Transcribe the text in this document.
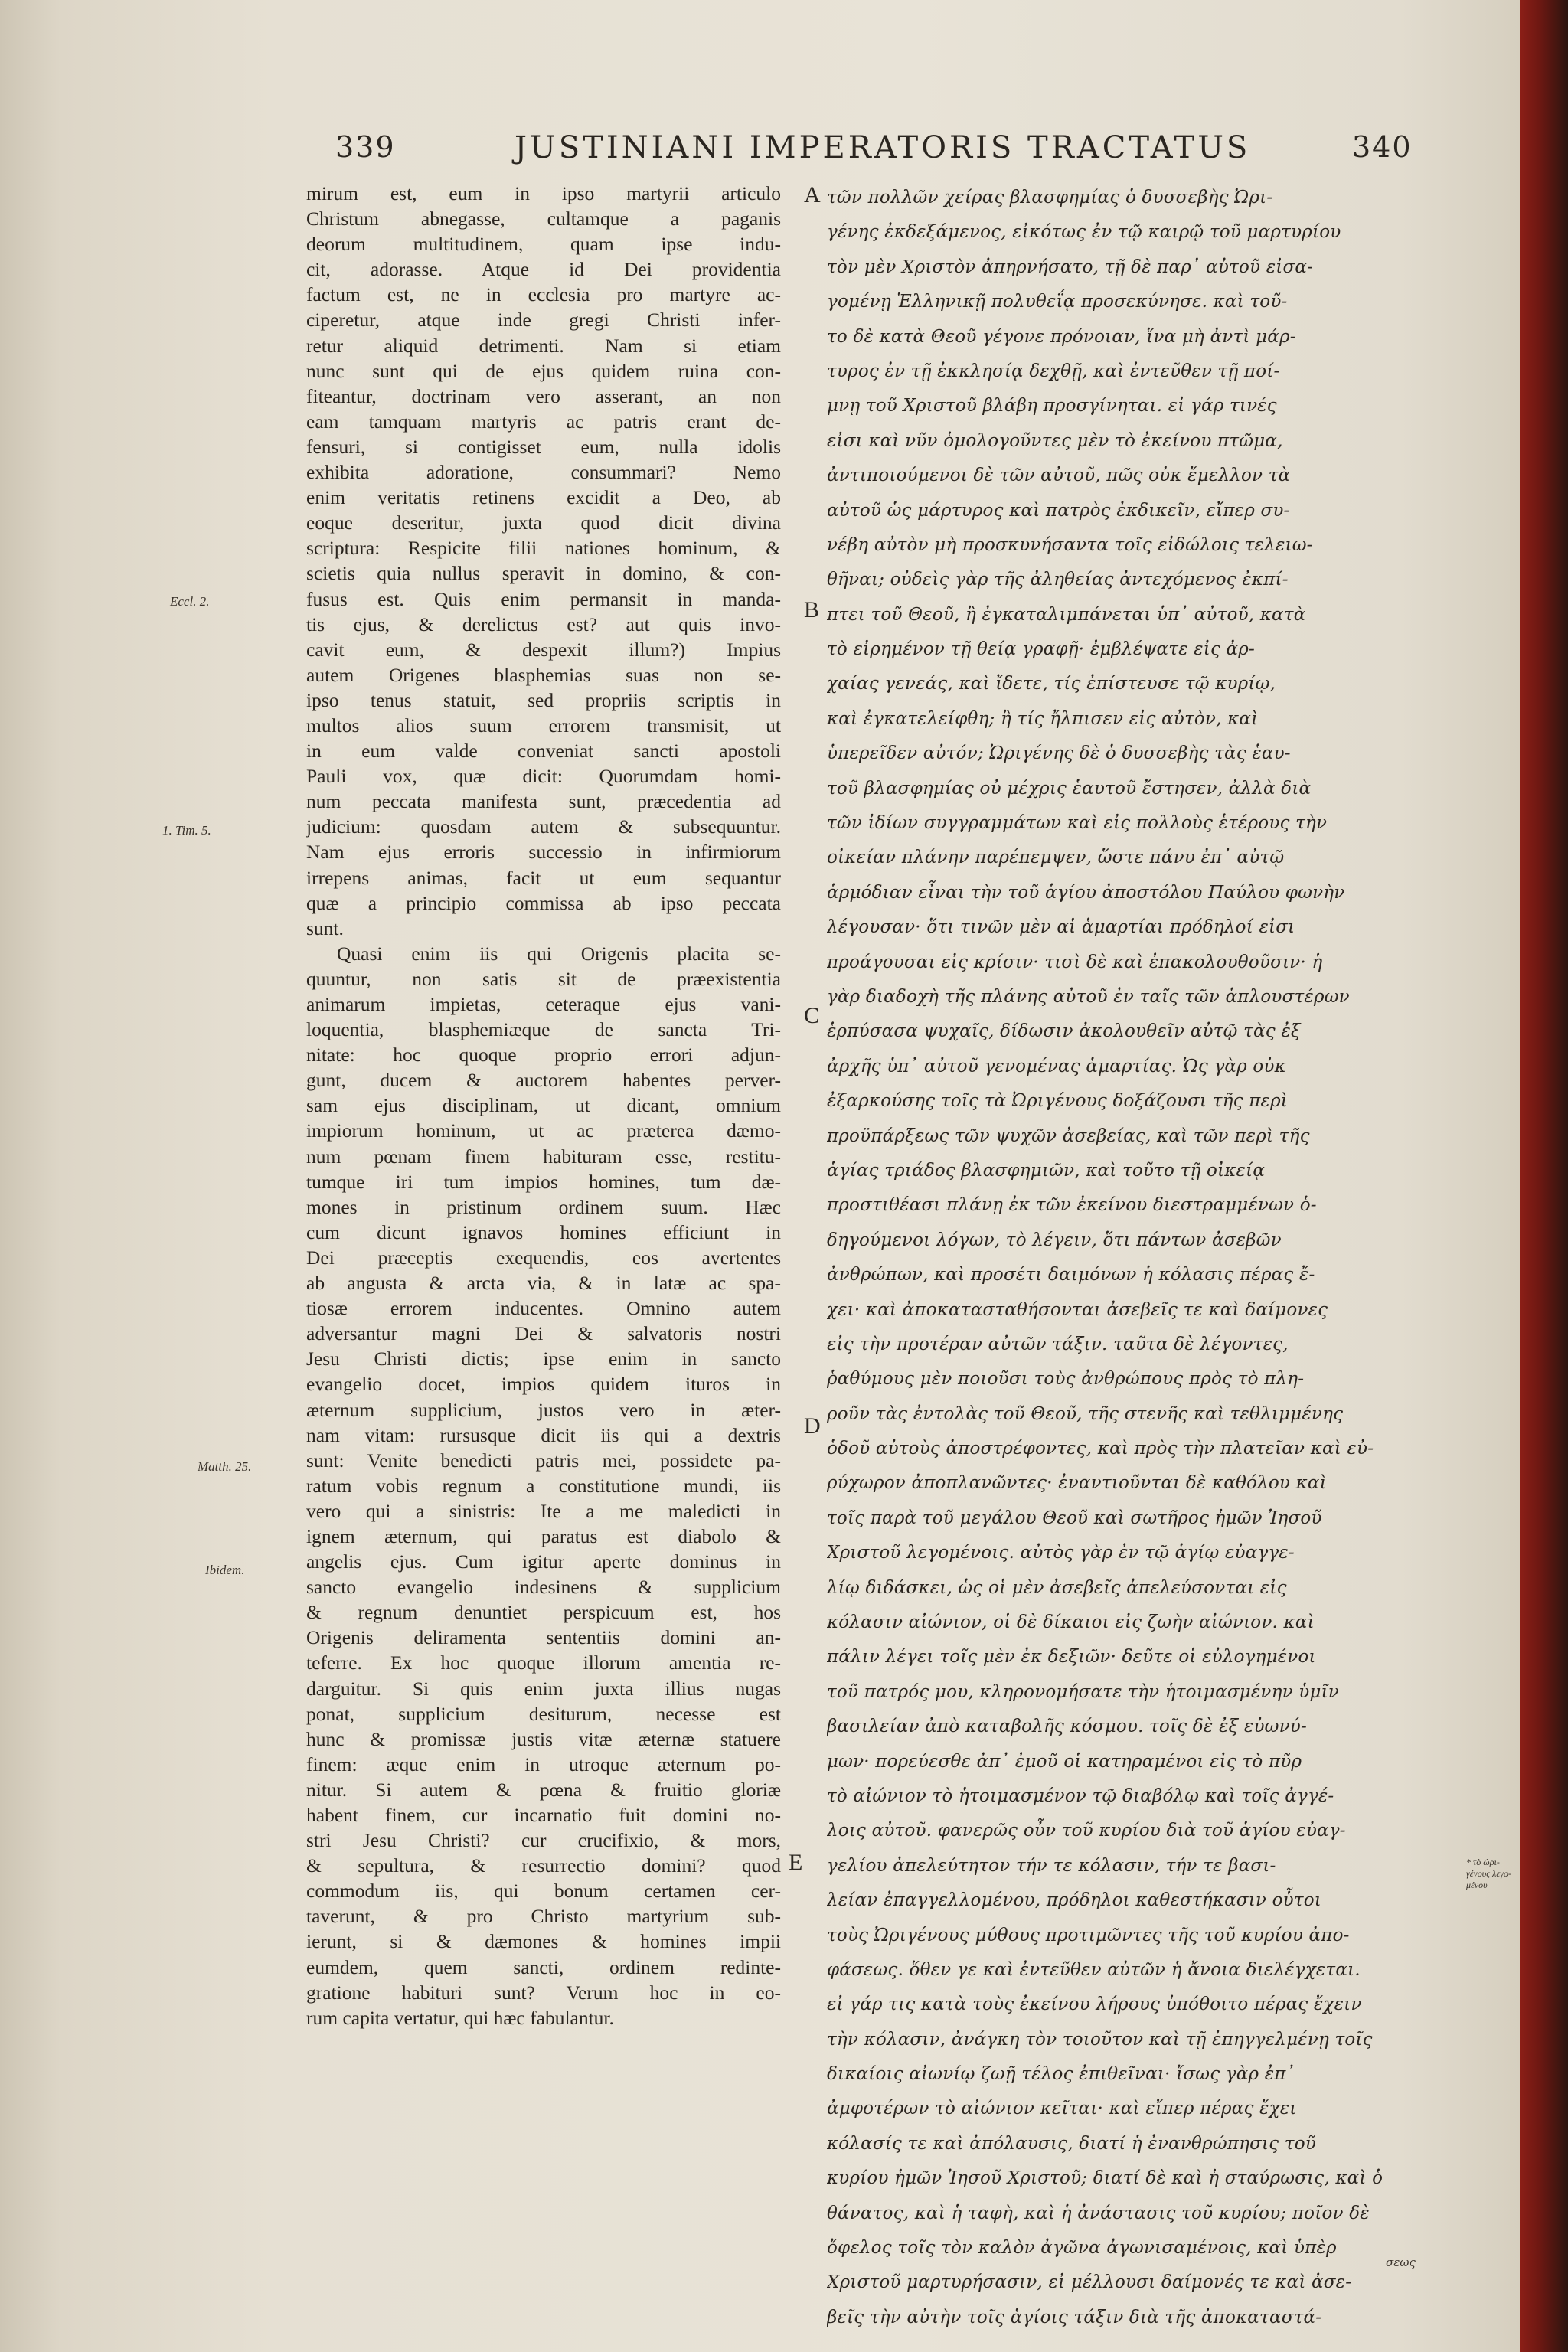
339	JUSTINIANI IMPERATORIS TRACTATUS	340
mirum est, eum in ipso martyrii articulo
Christum abnegasse, cultamque a paganis
deorum multitudinem, quam ipse indu-
cit, adorasse. Atque id Dei providentia
factum est, ne in ecclesia pro martyre ac-
ciperetur, atque inde gregi Christi infer-
retur aliquid detrimenti. Nam si etiam
nunc sunt qui de ejus quidem ruina con-
fiteantur, doctrinam vero asserant, an non
eam tamquam martyris ac patris erant de-
fensuri, si contigisset eum, nulla idolis
exhibita adoratione, consummari? Nemo
enim veritatis retinens excidit a Deo, ab
eoque deseritur, juxta quod dicit divina
scriptura: Respicite filii nationes hominum, &
scietis quia nullus speravit in domino, & con-
fusus est. Quis enim permansit in manda-
tis ejus, & derelictus est? aut quis invo-
cavit eum, & despexit illum?) Impius
autem Origenes blasphemias suas non se-
ipso tenus statuit, sed propriis scriptis in
multos alios suum errorem transmisit, ut
in eum valde conveniat sancti apostoli
Pauli vox, quæ dicit: Quorumdam homi-
num peccata manifesta sunt, præcedentia ad
judicium: quosdam autem & subsequuntur.
Nam ejus erroris successio in infirmiorum
irrepens animas, facit ut eum sequantur
quæ a principio commissa ab ipso peccata
sunt.
Quasi enim iis qui Origenis placita se-
quuntur, non satis sit de præexistentia
animarum impietas, ceteraque ejus vani-
loquentia, blasphemiæque de sancta Tri-
nitate: hoc quoque proprio errori adjun-
gunt, ducem & auctorem habentes perver-
sam ejus disciplinam, ut dicant, omnium
impiorum hominum, ut ac præterea dæmo-
num pœnam finem habituram esse, restitu-
tumque iri tum impios homines, tum dæ-
mones in pristinum ordinem suum. Hæc
cum dicunt ignavos homines efficiunt in
Dei præceptis exequendis, eos avertentes
ab angusta & arcta via, & in latæ ac spa-
tiosæ errorem inducentes. Omnino autem
adversantur magni Dei & salvatoris nostri
Jesu Christi dictis; ipse enim in sancto
evangelio docet, impios quidem ituros in
æternum supplicium, justos vero in æter-
nam vitam: rursusque dicit iis qui a dextris
sunt: Venite benedicti patris mei, possidete pa-
ratum vobis regnum a constitutione mundi, iis
vero qui a sinistris: Ite a me maledicti in
ignem æternum, qui paratus est diabolo &
angelis ejus. Cum igitur aperte dominus in
sancto evangelio indesinens & supplicium
& regnum denuntiet perspicuum est, hos
Origenis deliramenta sententiis domini an-
teferre. Ex hoc quoque illorum amentia re-
darguitur. Si quis enim juxta illius nugas
ponat, supplicium desiturum, necesse est
hunc & promissæ justis vitæ æternæ statuere
finem: æque enim in utroque æternum po-
nitur. Si autem & pœna & fruitio gloriæ
habent finem, cur incarnatio fuit domini no-
stri Jesu Christi? cur crucifixio, & mors,
& sepultura, & resurrectio domini? quod
commodum iis, qui bonum certamen cer-
taverunt, & pro Christo martyrium sub-
ierunt, si & dæmones & homines impii
eumdem, quem sancti, ordinem redinte-
gratione habituri sunt? Verum hoc in eo-
rum capita vertatur, qui hæc fabulantur.
τῶν πολλῶν χείρας βλασφημίας ὁ δυσσεβὴς Ὠρι-
γένης ἐκδεξάμενος, εἰκότως ἐν τῷ καιρῷ τοῦ μαρτυρίου
τὸν μὲν Χριστὸν ἀπηρνήσατο, τῇ δὲ παρ᾽ αὐτοῦ εἰσα-
γομένῃ Ἑλληνικῇ πολυθεΐᾳ προσεκύνησε. καὶ τοῦ-
το δὲ κατὰ Θεοῦ γέγονε πρόνοιαν, ἵνα μὴ ἀντὶ μάρ-
τυρος ἐν τῇ ἐκκλησίᾳ δεχθῇ, καὶ ἐντεῦθεν τῇ ποί-
μνῃ τοῦ Χριστοῦ βλάβη προσγίνηται. εἰ γάρ τινές
εἰσι καὶ νῦν ὁμολογοῦντες μὲν τὸ ἐκείνου πτῶμα,
ἀντιποιούμενοι δὲ τῶν αὐτοῦ, πῶς οὐκ ἔμελλον τὰ
αὐτοῦ ὡς μάρτυρος καὶ πατρὸς ἐκδικεῖν, εἴπερ συ-
νέβη αὐτὸν μὴ προσκυνήσαντα τοῖς εἰδώλοις τελειω-
θῆναι; οὐδεὶς γὰρ τῆς ἀληθείας ἀντεχόμενος ἐκπί-
πτει τοῦ Θεοῦ, ἢ ἐγκαταλιμπάνεται ὑπ᾽ αὐτοῦ, κατὰ
τὸ εἰρημένον τῇ θείᾳ γραφῇ· ἐμβλέψατε εἰς ἀρ-
χαίας γενεάς, καὶ ἴδετε, τίς ἐπίστευσε τῷ κυρίῳ,
καὶ ἐγκατελείφθη; ἢ τίς ἤλπισεν εἰς αὐτὸν, καὶ
ὑπερεῖδεν αὐτόν; Ὠριγένης δὲ ὁ δυσσεβὴς τὰς ἑαυ-
τοῦ βλασφημίας οὐ μέχρις ἑαυτοῦ ἔστησεν, ἀλλὰ διὰ
τῶν ἰδίων συγγραμμάτων καὶ εἰς πολλοὺς ἑτέρους τὴν
οἰκείαν πλάνην παρέπεμψεν, ὥστε πάνυ ἐπ᾽ αὐτῷ
ἁρμόδιαν εἶναι τὴν τοῦ ἁγίου ἀποστόλου Παύλου φωνὴν
λέγουσαν· ὅτι τινῶν μὲν αἱ ἁμαρτίαι πρόδηλοί εἰσι
προάγουσαι εἰς κρίσιν· τισὶ δὲ καὶ ἐπακολουθοῦσιν· ἡ
γὰρ διαδοχὴ τῆς πλάνης αὐτοῦ ἐν ταῖς τῶν ἁπλουστέρων
ἑρπύσασα ψυχαῖς, δίδωσιν ἀκολουθεῖν αὐτῷ τὰς ἐξ
ἀρχῆς ὑπ᾽ αὐτοῦ γενομένας ἁμαρτίας. Ὡς γὰρ οὐκ
ἐξαρκούσης τοῖς τὰ Ὠριγένους δοξάζουσι τῆς περὶ
προϋπάρξεως τῶν ψυχῶν ἀσεβείας, καὶ τῶν περὶ τῆς
ἁγίας τριάδος βλασφημιῶν, καὶ τοῦτο τῇ οἰκείᾳ
προστιθέασι πλάνῃ ἐκ τῶν ἐκείνου διεστραμμένων ὁ-
δηγούμενοι λόγων, τὸ λέγειν, ὅτι πάντων ἀσεβῶν
ἀνθρώπων, καὶ προσέτι δαιμόνων ἡ κόλασις πέρας ἔ-
χει· καὶ ἀποκατασταθήσονται ἀσεβεῖς τε καὶ δαίμονες
εἰς τὴν προτέραν αὐτῶν τάξιν. ταῦτα δὲ λέγοντες,
ῥαθύμους μὲν ποιοῦσι τοὺς ἀνθρώπους πρὸς τὸ πλη-
ροῦν τὰς ἐντολὰς τοῦ Θεοῦ, τῆς στενῆς καὶ τεθλιμμένης
ὁδοῦ αὐτοὺς ἀποστρέφοντες, καὶ πρὸς τὴν πλατεῖαν καὶ εὐ-
ρύχωρον ἀποπλανῶντες· ἐναντιοῦνται δὲ καθόλου καὶ
τοῖς παρὰ τοῦ μεγάλου Θεοῦ καὶ σωτῆρος ἡμῶν Ἰησοῦ
Χριστοῦ λεγομένοις. αὐτὸς γὰρ ἐν τῷ ἁγίῳ εὐαγγε-
λίῳ διδάσκει, ὡς οἱ μὲν ἀσεβεῖς ἀπελεύσονται εἰς
κόλασιν αἰώνιον, οἱ δὲ δίκαιοι εἰς ζωὴν αἰώνιον. καὶ
πάλιν λέγει τοῖς μὲν ἐκ δεξιῶν· δεῦτε οἱ εὐλογημένοι
τοῦ πατρός μου, κληρονομήσατε τὴν ἡτοιμασμένην ὑμῖν
βασιλείαν ἀπὸ καταβολῆς κόσμου. τοῖς δὲ ἐξ εὐωνύ-
μων· πορεύεσθε ἀπ᾽ ἐμοῦ οἱ κατηραμένοι εἰς τὸ πῦρ
τὸ αἰώνιον τὸ ἡτοιμασμένον τῷ διαβόλῳ καὶ τοῖς ἀγγέ-
λοις αὐτοῦ. φανερῶς οὖν τοῦ κυρίου διὰ τοῦ ἁγίου εὐαγ-
γελίου ἀπελεύτητον τήν τε κόλασιν, τήν τε βασι-
λείαν ἐπαγγελλομένου, πρόδηλοι καθεστήκασιν οὗτοι
τοὺς Ὠριγένους μύθους προτιμῶντες τῆς τοῦ κυρίου ἀπο-
φάσεως. ὅθεν γε καὶ ἐντεῦθεν αὐτῶν ἡ ἄνοια διελέγχεται.
εἰ γάρ τις κατὰ τοὺς ἐκείνου λήρους ὑπόθοιτο πέρας ἔχειν
τὴν κόλασιν, ἀνάγκη τὸν τοιοῦτον καὶ τῇ ἐπηγγελμένῃ τοῖς
δικαίοις αἰωνίῳ ζωῇ τέλος ἐπιθεῖναι· ἴσως γὰρ ἐπ᾽
ἀμφοτέρων τὸ αἰώνιον κεῖται· καὶ εἴπερ πέρας ἔχει
κόλασίς τε καὶ ἀπόλαυσις, διατί ἡ ἐνανθρώπησις τοῦ
κυρίου ἡμῶν Ἰησοῦ Χριστοῦ; διατί δὲ καὶ ἡ σταύρωσις, καὶ ὁ
θάνατος, καὶ ἡ ταφὴ, καὶ ἡ ἀνάστασις τοῦ κυρίου; ποῖον δὲ
ὄφελος τοῖς τὸν καλὸν ἀγῶνα ἀγωνισαμένοις, καὶ ὑπὲρ
Χριστοῦ μαρτυρήσασιν, εἰ μέλλουσι δαίμονές τε καὶ ἀσε-
βεῖς τὴν αὐτὴν τοῖς ἁγίοις τάξιν διὰ τῆς ἀποκαταστά-
Eccl. 2.
1. Tim. 5.
Matth. 25.
Ibidem.
A
B
C
D
E	* τὸ ὠρι-γένους λεγο-μένου
σεως
